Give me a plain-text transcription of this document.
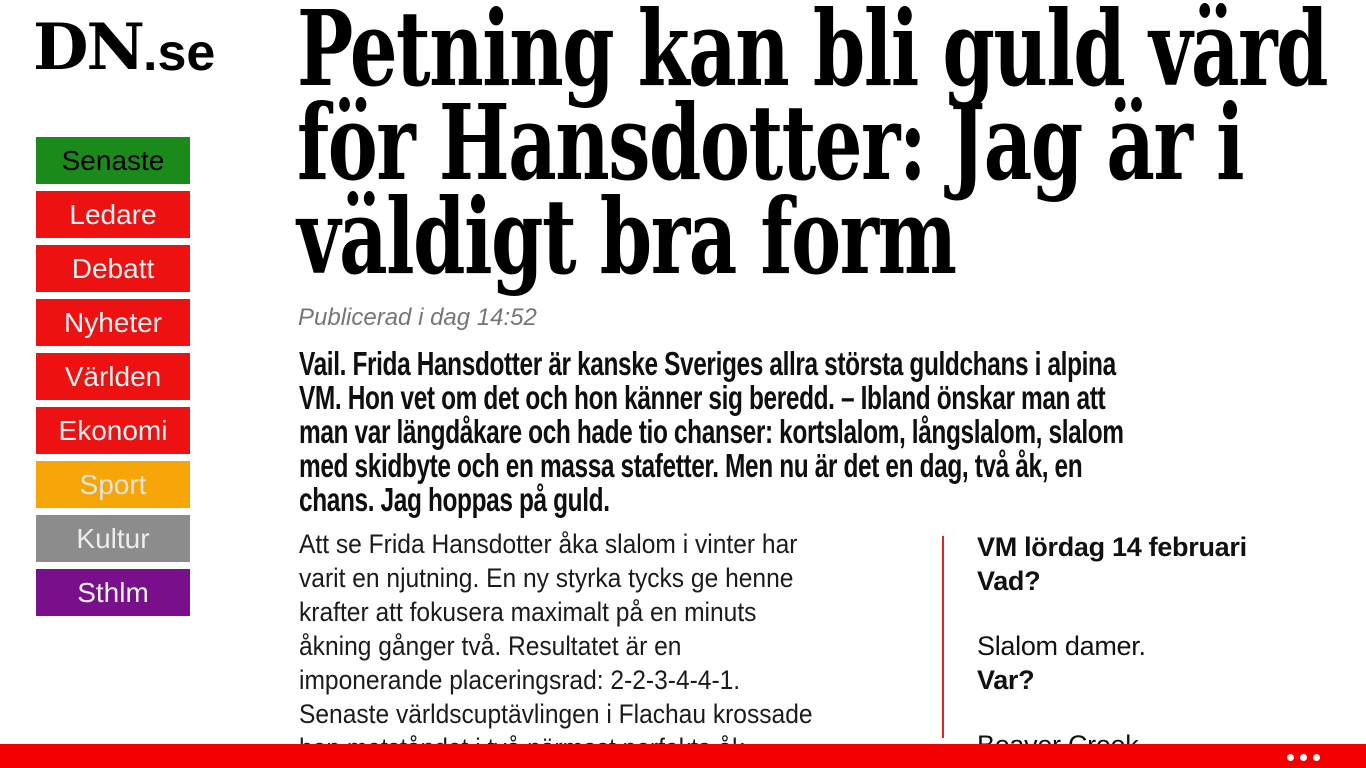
DN .se
Senaste
Ledare
Debatt
Nyheter
Världen
Ekonomi
Sport
Kultur
Sthlm
Petning kan bli guld värd
för Hansdotter: Jag är i
väldigt bra form

Publicerad i dag 14:52

Vail. Frida Hansdotter är kanske Sveriges allra största guldchans i alpina
VM. Hon vet om det och hon känner sig beredd. – Ibland önskar man att
man var längdåkare och hade tio chanser: kortslalom, långslalom, slalom
med skidbyte och en massa stafetter. Men nu är det en dag, två åk, en
chans. Jag hoppas på guld.
Att se Frida Hansdotter åka slalom i vinter har
varit en njutning. En ny styrka tycks ge henne
krafter att fokusera maximalt på en minuts
åkning gånger två. Resultatet är en
imponerande placeringsrad: 2-2-3-4-4-1.
Senaste världscuptävlingen i Flachau krossade

VM lördag 14 februari

Vad?

Slalom damer.

Var?
